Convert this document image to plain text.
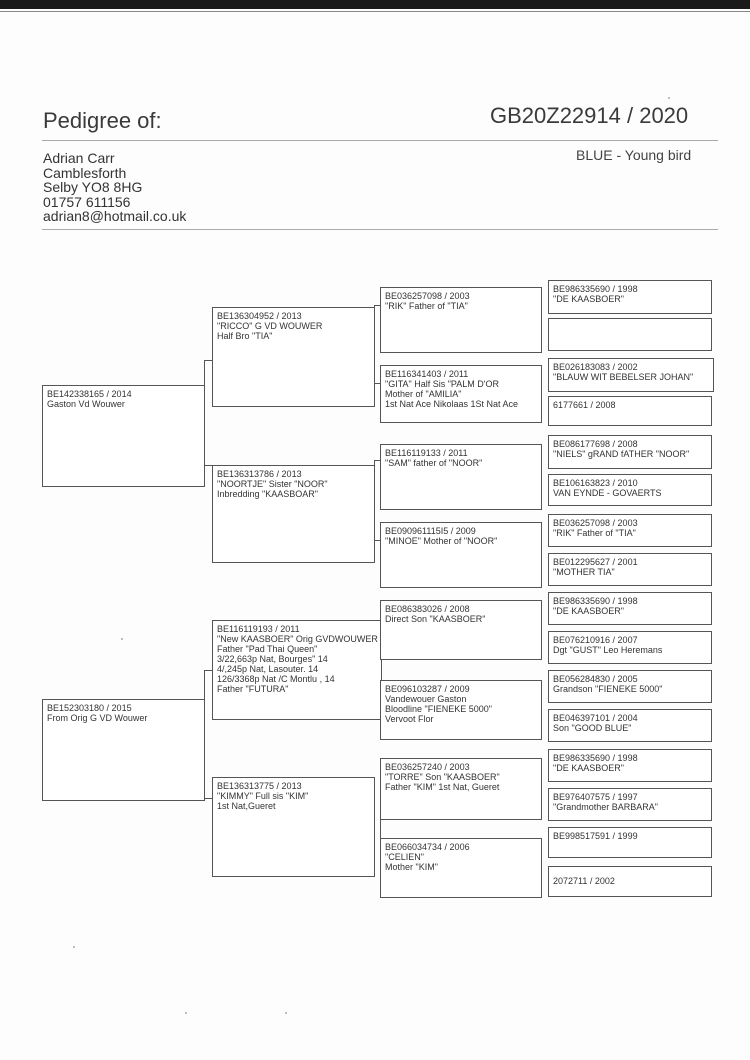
Pedigree of:	GB20Z22914 / 2020
BLUE - Young bird
Adrian Carr
Camblesforth
Selby YO8 8HG
01757 611156
adrian8@hotmail.co.uk
BE142338165 / 2014
Gaston Vd Wouwer
BE152303180 / 2015
From Orig G VD Wouwer
BE136304952 / 2013
"RICCO" G VD WOUWER
Half Bro "TIA"
BE136313786 / 2013
"NOORTJE" Sister "NOOR"
Inbredding "KAASBOAR"
BE116119193 / 2011
"New KAASBOER" Orig GVDWOUWER
Father "Pad Thai Queen"
3/22,663p Nat, Bourges" 14
4/,245p Nat, Lasouter. 14
126/3368p Nat /C Montlu , 14
Father "FUTURA"
BE136313775 / 2013
"KIMMY" Full sis "KIM"
1st Nat,Gueret
BE036257098 / 2003
"RIK" Father of "TIA"
BE116341403 / 2011
"GITA" Half Sis "PALM D'OR
Mother of "AMILIA"
1st Nat Ace Nikolaas 1St Nat Ace
BE116119133 / 2011
"SAM" father of "NOOR"
BE090961115I5 / 2009
"MINOE" Mother of "NOOR"
BE086383026 / 2008
Direct Son "KAASBOER"
BE096103287 / 2009
Vandewouer Gaston
Bloodline "FIENEKE 5000"
Vervoot Flor
BE036257240 / 2003
"TORRE" Son "KAASBOER"
Father "KIM" 1st Nat, Gueret
BE066034734 / 2006
"CELIEN"
Mother "KIM"
BE986335690 / 1998
"DE KAASBOER"
BE026183083 / 2002
"BLAUW WIT BEBELSER JOHAN"
6177661 / 2008
BE086177698 / 2008
"NIELS" gRAND fATHER "NOOR"
BE106163823 / 2010
VAN EYNDE - GOVAERTS
BE036257098 / 2003
"RIK" Father of "TIA"
BE012295627 / 2001
"MOTHER TIA"
BE986335690 / 1998
"DE KAASBOER"
BE076210916 / 2007
Dgt "GUST" Leo Heremans
BE056284830 / 2005
Grandson "FIENEKE 5000"
BE046397101 / 2004
Son "GOOD BLUE"
BE986335690 / 1998
"DE KAASBOER"
BE976407575 / 1997
"Grandmother BARBARA"
BE998517591 / 1999
2072711 / 2002
